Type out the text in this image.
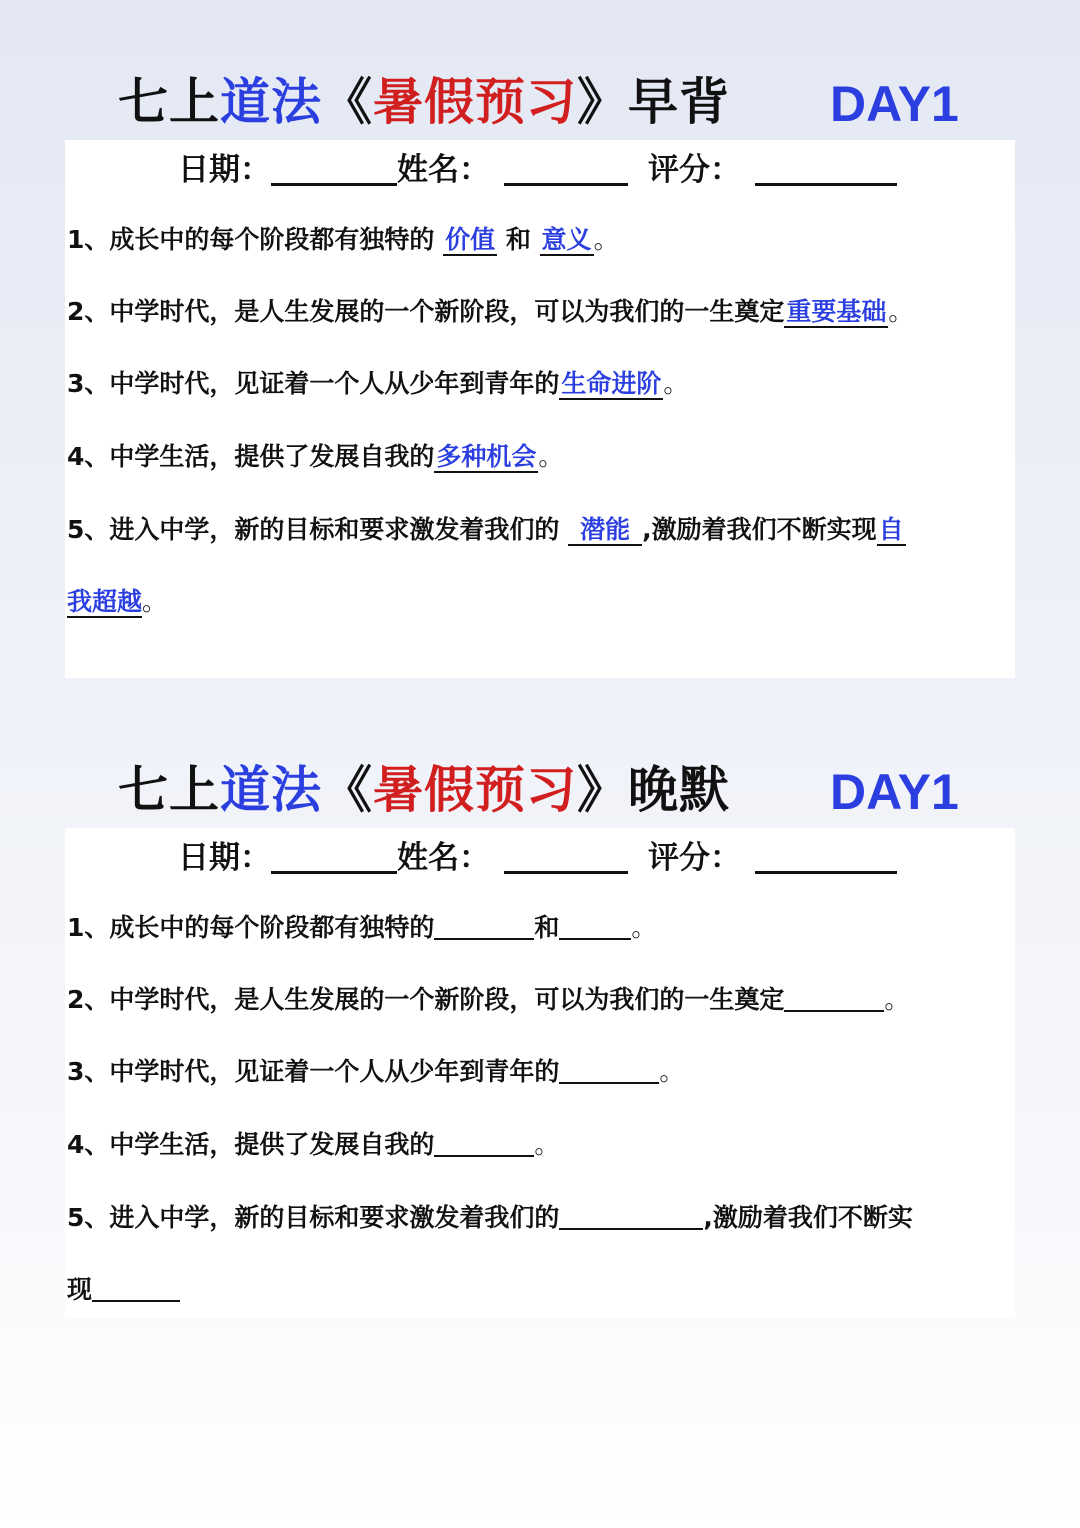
七上道法《暑假预习》早背 DAY1
日期：	姓名：	评分：
1、成长中的每个阶段都有独特的 价值 和 意义。
2、中学时代，是人生发展的一个新阶段，可以为我们的一生奠定重要基础。
3、中学时代，见证着一个人从少年到青年的生命进阶。
4、中学生活，提供了发展自我的多种机会。
5、进入中学，新的目标和要求激发着我们的 潜能 ,激励着我们不断实现自
我超越。
七上道法《暑假预习》晚默 DAY1
日期：	姓名：	评分：
1、成长中的每个阶段都有独特的	和	。
2、中学时代，是人生发展的一个新阶段，可以为我们的一生奠定	。
3、中学时代，见证着一个人从少年到青年的	。
4、中学生活，提供了发展自我的	。
5、进入中学，新的目标和要求激发着我们的	,激励着我们不断实
现
